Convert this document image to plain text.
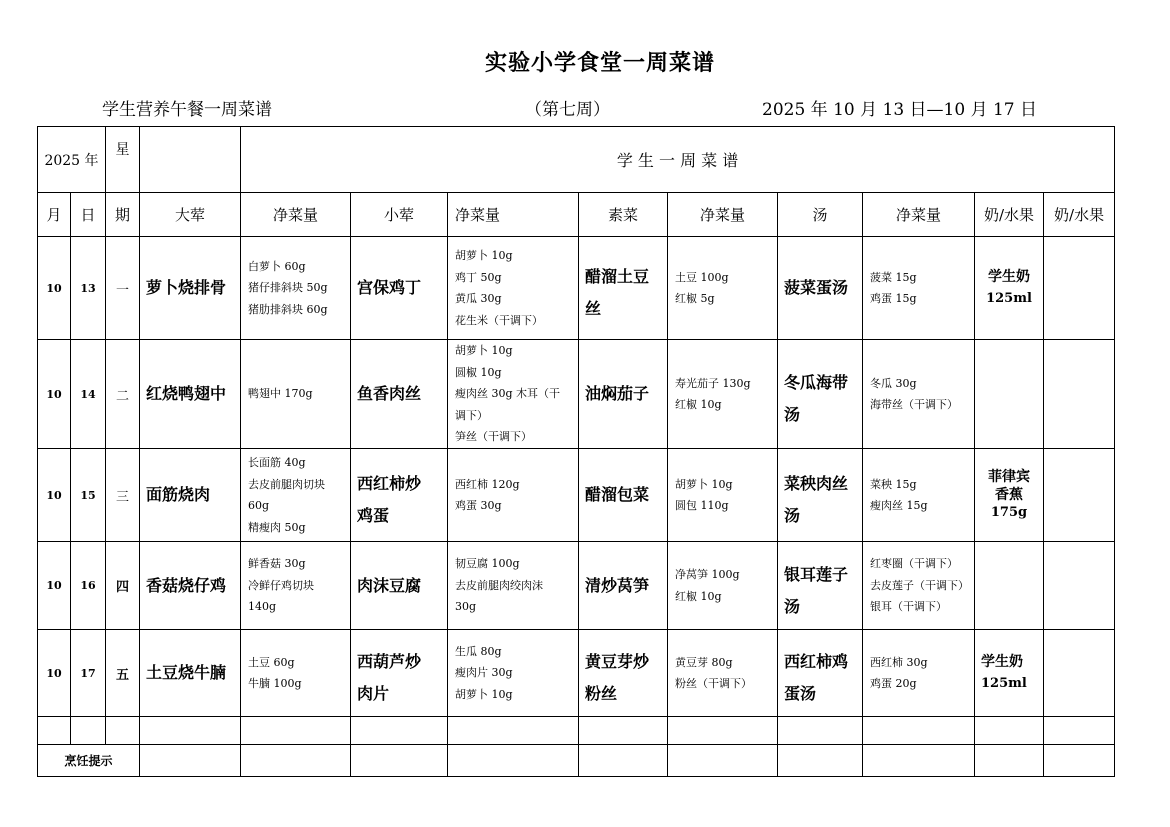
实验小学食堂一周菜谱
学生营养午餐一周菜谱	（第七周）	2025 年 10 月 13 日—10 月 17 日
2025 年		星		学 生 一 周 菜 谱								
月	日	期	大荤	净菜量	小荤	净菜量	素菜	净菜量	汤	净菜量	奶/水果	奶/水果
10	13	一	萝卜烧排骨	白萝卜 60g
猪仔排斜块 50g
猪肋排斜块 60g	宫保鸡丁	胡萝卜 10g
鸡丁 50g
黄瓜 30g
花生米（干调下）	醋溜土豆
丝	土豆 100g
红椒 5g	菠菜蛋汤	菠菜 15g
鸡蛋 15g	学生奶
125ml	

10	14	二	红烧鸭翅中	鸭翅中 170g	鱼香肉丝	胡萝卜 10g
圆椒 10g
瘦肉丝 30g 木耳（干
调下）
笋丝（干调下）	油焖茄子	寿光茄子 130g
红椒 10g	冬瓜海带
汤	冬瓜 30g
海带丝（干调下）		

10	15	三	面筋烧肉	长面筋 40g
去皮前腿肉切块
60g
精瘦肉 50g	西红柿炒
鸡蛋	西红柿 120g
鸡蛋 30g	醋溜包菜	胡萝卜 10g
圆包 110g	菜秧肉丝
汤	菜秧 15g
瘦肉丝 15g	菲律宾
香蕉
175g	

10	16	四	香菇烧仔鸡	鲜香菇 30g
冷鲜仔鸡切块
140g	肉沫豆腐	韧豆腐 100g
去皮前腿肉绞肉沫
30g	清炒莴笋	净莴笋 100g
红椒 10g	银耳莲子
汤	红枣圈（干调下）
去皮莲子（干调下）
银耳（干调下）		

10	17	五	土豆烧牛腩	土豆 60g
牛腩 100g	西葫芦炒
肉片	生瓜 80g
瘦肉片 30g
胡萝卜 10g	黄豆芽炒
粉丝	黄豆芽 80g
粉丝（干调下）	西红柿鸡
蛋汤	西红柿 30g
鸡蛋 20g	学生奶
125ml	

烹饪提示												
